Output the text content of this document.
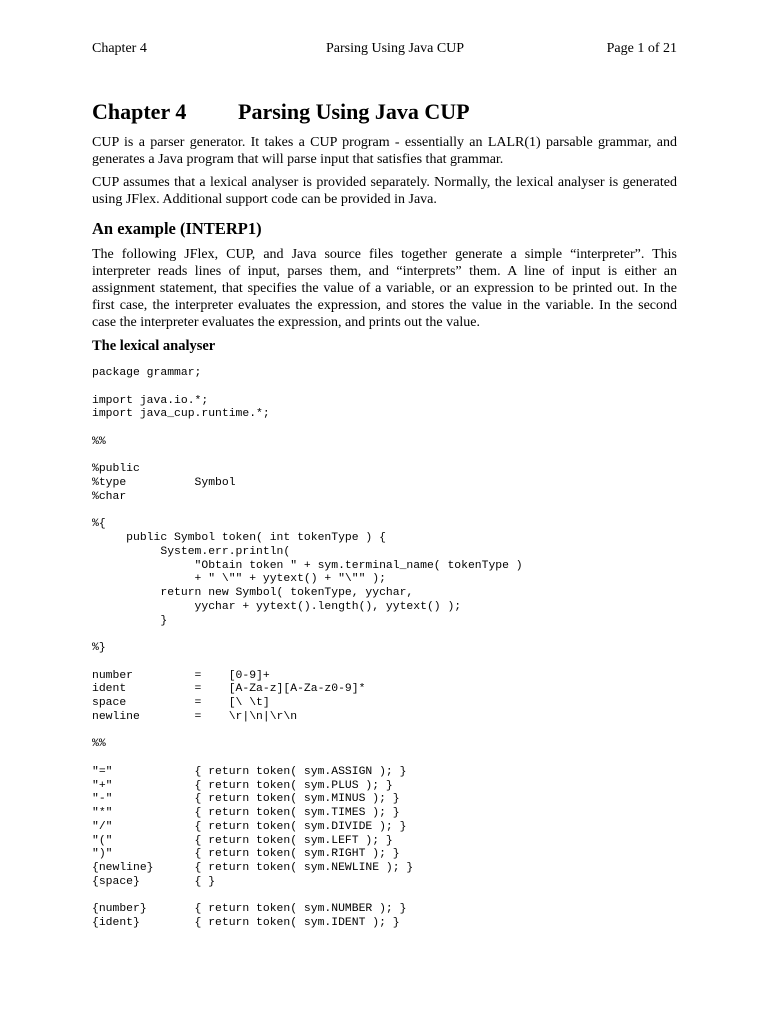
Chapter 4	Parsing Using Java CUP	Page 1 of 21
Chapter 4 Parsing Using Java CUP

CUP is a parser generator. It takes a CUP program - essentially an LALR(1) parsable grammar, and generates a Java program that will parse input that satisfies that grammar.

CUP assumes that a lexical analyser is provided separately. Normally, the lexical analyser is generated using JFlex. Additional support code can be provided in Java.

An example (INTERP1)

The following JFlex, CUP, and Java source files together generate a simple “interpreter”. This interpreter reads lines of input, parses them, and “interprets” them. A line of input is either an assignment statement, that specifies the value of a variable, or an expression to be printed out. In the first case, the interpreter evaluates the expression, and stores the value in the variable. In the second case the interpreter evaluates the expression, and prints out the value.

The lexical analyser
package grammar;
import java.io.*;
import java_cup.runtime.*;
%%
%public
%type          Symbol
%char
%{
public Symbol token( int tokenType ) {
System.err.println(
"Obtain token " + sym.terminal_name( tokenType )
+ " \"" + yytext() + "\"" );
return new Symbol( tokenType, yychar,
yychar + yytext().length(), yytext() );
}
%}
number         =    [0-9]+
ident          =    [A-Za-z][A-Za-z0-9]*
space          =    [\ \t]
newline        =    \r|\n|\r\n
%%
"="            { return token( sym.ASSIGN ); }
"+"            { return token( sym.PLUS ); }
"-"            { return token( sym.MINUS ); }
"*"            { return token( sym.TIMES ); }
"/"            { return token( sym.DIVIDE ); }
"("            { return token( sym.LEFT ); }
")"            { return token( sym.RIGHT ); }
{newline}      { return token( sym.NEWLINE ); }
{space}        { }
{number}       { return token( sym.NUMBER ); }
{ident}        { return token( sym.IDENT ); }
